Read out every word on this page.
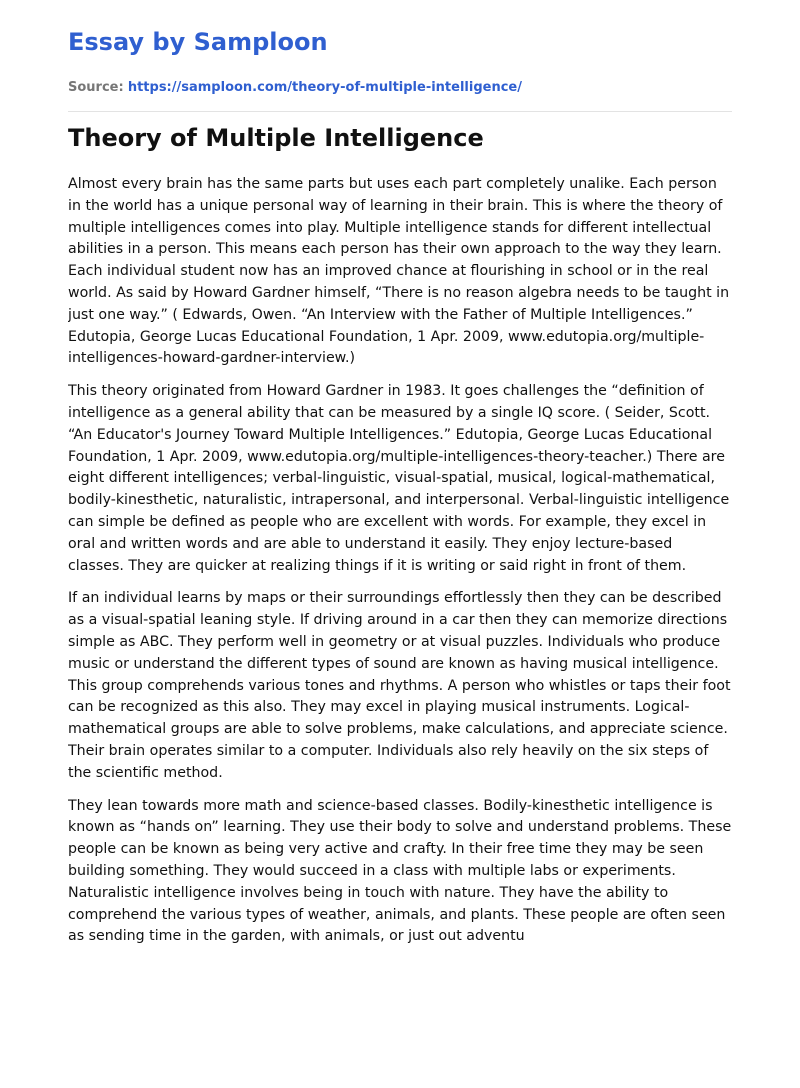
Essay by Samploon
Source: https://samploon.com/theory-of-multiple-intelligence/
Theory of Multiple Intelligence

Almost every brain has the same parts but uses each part completely unalike. Each person in the world has a unique personal way of learning in their brain. This is where the theory of multiple intelligences comes into play. Multiple intelligence stands for different intellectual abilities in a person. This means each person has their own approach to the way they learn. Each individual student now has an improved chance at flourishing in school or in the real world. As said by Howard Gardner himself, “There is no reason algebra needs to be taught in just one way.” ( Edwards, Owen. “An Interview with the Father of Multiple Intelligences.” Edutopia, George Lucas Educational Foundation, 1 Apr. 2009, www.edutopia.org/multiple-intelligences-howard-gardner-interview.)

This theory originated from Howard Gardner in 1983. It goes challenges the “definition of intelligence as a general ability that can be measured by a single IQ score. ( Seider, Scott. “An Educator's Journey Toward Multiple Intelligences.” Edutopia, George Lucas Educational Foundation, 1 Apr. 2009, www.edutopia.org/multiple-intelligences-theory-teacher.) There are eight different intelligences; verbal-linguistic, visual-spatial, musical, logical-mathematical, bodily-kinesthetic, naturalistic, intrapersonal, and interpersonal. Verbal-linguistic intelligence can simple be defined as people who are excellent with words. For example, they excel in oral and written words and are able to understand it easily. They enjoy lecture-based classes. They are quicker at realizing things if it is writing or said right in front of them.

If an individual learns by maps or their surroundings effortlessly then they can be described as a visual-spatial leaning style. If driving around in a car then they can memorize directions simple as ABC. They perform well in geometry or at visual puzzles. Individuals who produce music or understand the different types of sound are known as having musical intelligence. This group comprehends various tones and rhythms. A person who whistles or taps their foot can be recognized as this also. They may excel in playing musical instruments. Logical-mathematical groups are able to solve problems, make calculations, and appreciate science. Their brain operates similar to a computer. Individuals also rely heavily on the six steps of the scientific method.

They lean towards more math and science-based classes. Bodily-kinesthetic intelligence is known as “hands on” learning. They use their body to solve and understand problems. These people can be known as being very active and crafty. In their free time they may be seen building something. They would succeed in a class with multiple labs or experiments. Naturalistic intelligence involves being in touch with nature. They have the ability to comprehend the various types of weather, animals, and plants. These people are often seen as sending time in the garden, with animals, or just out adventu
